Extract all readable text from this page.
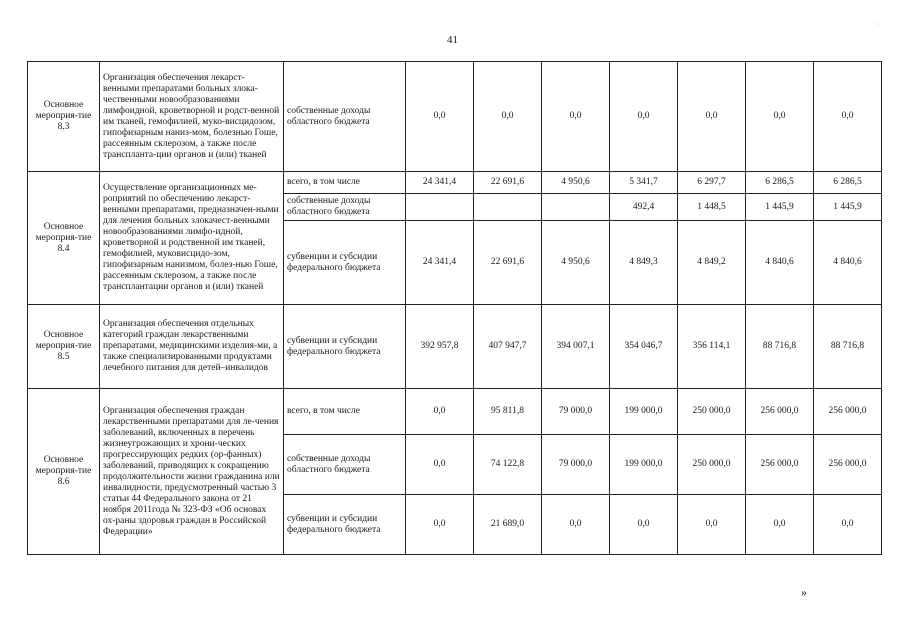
41
·
Основное мероприя-тие 8.3	Организация обеспечения лекарст-венными препаратами больных злока-чественными новообразованиями лимфоидной, кроветворной и родст-венной им тканей, гемофилией, муко-висцидозом, гипофизарным наниз-мом, болезнью Гоше, рассеянным склерозом, а также после транспланта-ции органов и (или) тканей	собственные доходы областного бюджета	0,0	0,0	0,0	0,0	0,0	0,0	0,0
Основное мероприя-тие 8.4	Осуществление организационных ме-роприятий по обеспечению лекарст-венными препаратами, предназначен-ными для лечения больных злокачест-венными новообразованиями лимфо-идной, кроветворной и родственной им тканей, гемофилией, муковисцидо-зом, гипофизарным нанизмом, болез-нью Гоше, рассеянным склерозом, а также после трансплантации органов и (или) тканей	всего, в том числе	24 341,4	22 691,6	4 950,6	5 341,7	6 297,7	6 286,5	6 286,5
		собственные доходы областного бюджета				492,4	1 448,5	1 445,9	1 445,9
		субвенции и субсидии федерального бюджета	24 341,4	22 691,6	4 950,6	4 849,3	4 849,2	4 840,6	4 840,6
Основное мероприя-тие 8.5	Организация обеспечения отдельных категорий граждан лекарственными препаратами, медицинскими изделия-ми, а также специализированными продуктами лечебного питания для детей–инвалидов	субвенции и субсидии федерального бюджета	392 957,8	407 947,7	394 007,1	354 046,7	356 114,1	88 716,8	88 716,8
Основное мероприя-тие 8.6	Организация обеспечения граждан лекарственными препаратами для ле-чения заболеваний, включенных в перечень жизнеугрожающих и хрони-ческих прогрессирующих редких (ор-фанных) заболеваний, приводящих к сокращению продолжительности жизни гражданина или инвалидности, предусмотренный частью 3 статьи 44 Федерального закона от 21 ноября 2011года № 323-ФЗ «Об основах ох-раны здоровья граждан в Российской Федерации»	всего, в том числе	0,0	95 811,8	79 000,0	199 000,0	250 000,0	256 000,0	256 000,0
		собственные доходы областного бюджета	0,0	74 122,8	79 000,0	199 000,0	250 000,0	256 000,0	256 000,0
		субвенции и субсидии федерального бюджета	0,0	21 689,0	0,0	0,0	0,0	0,0	0,0
»
